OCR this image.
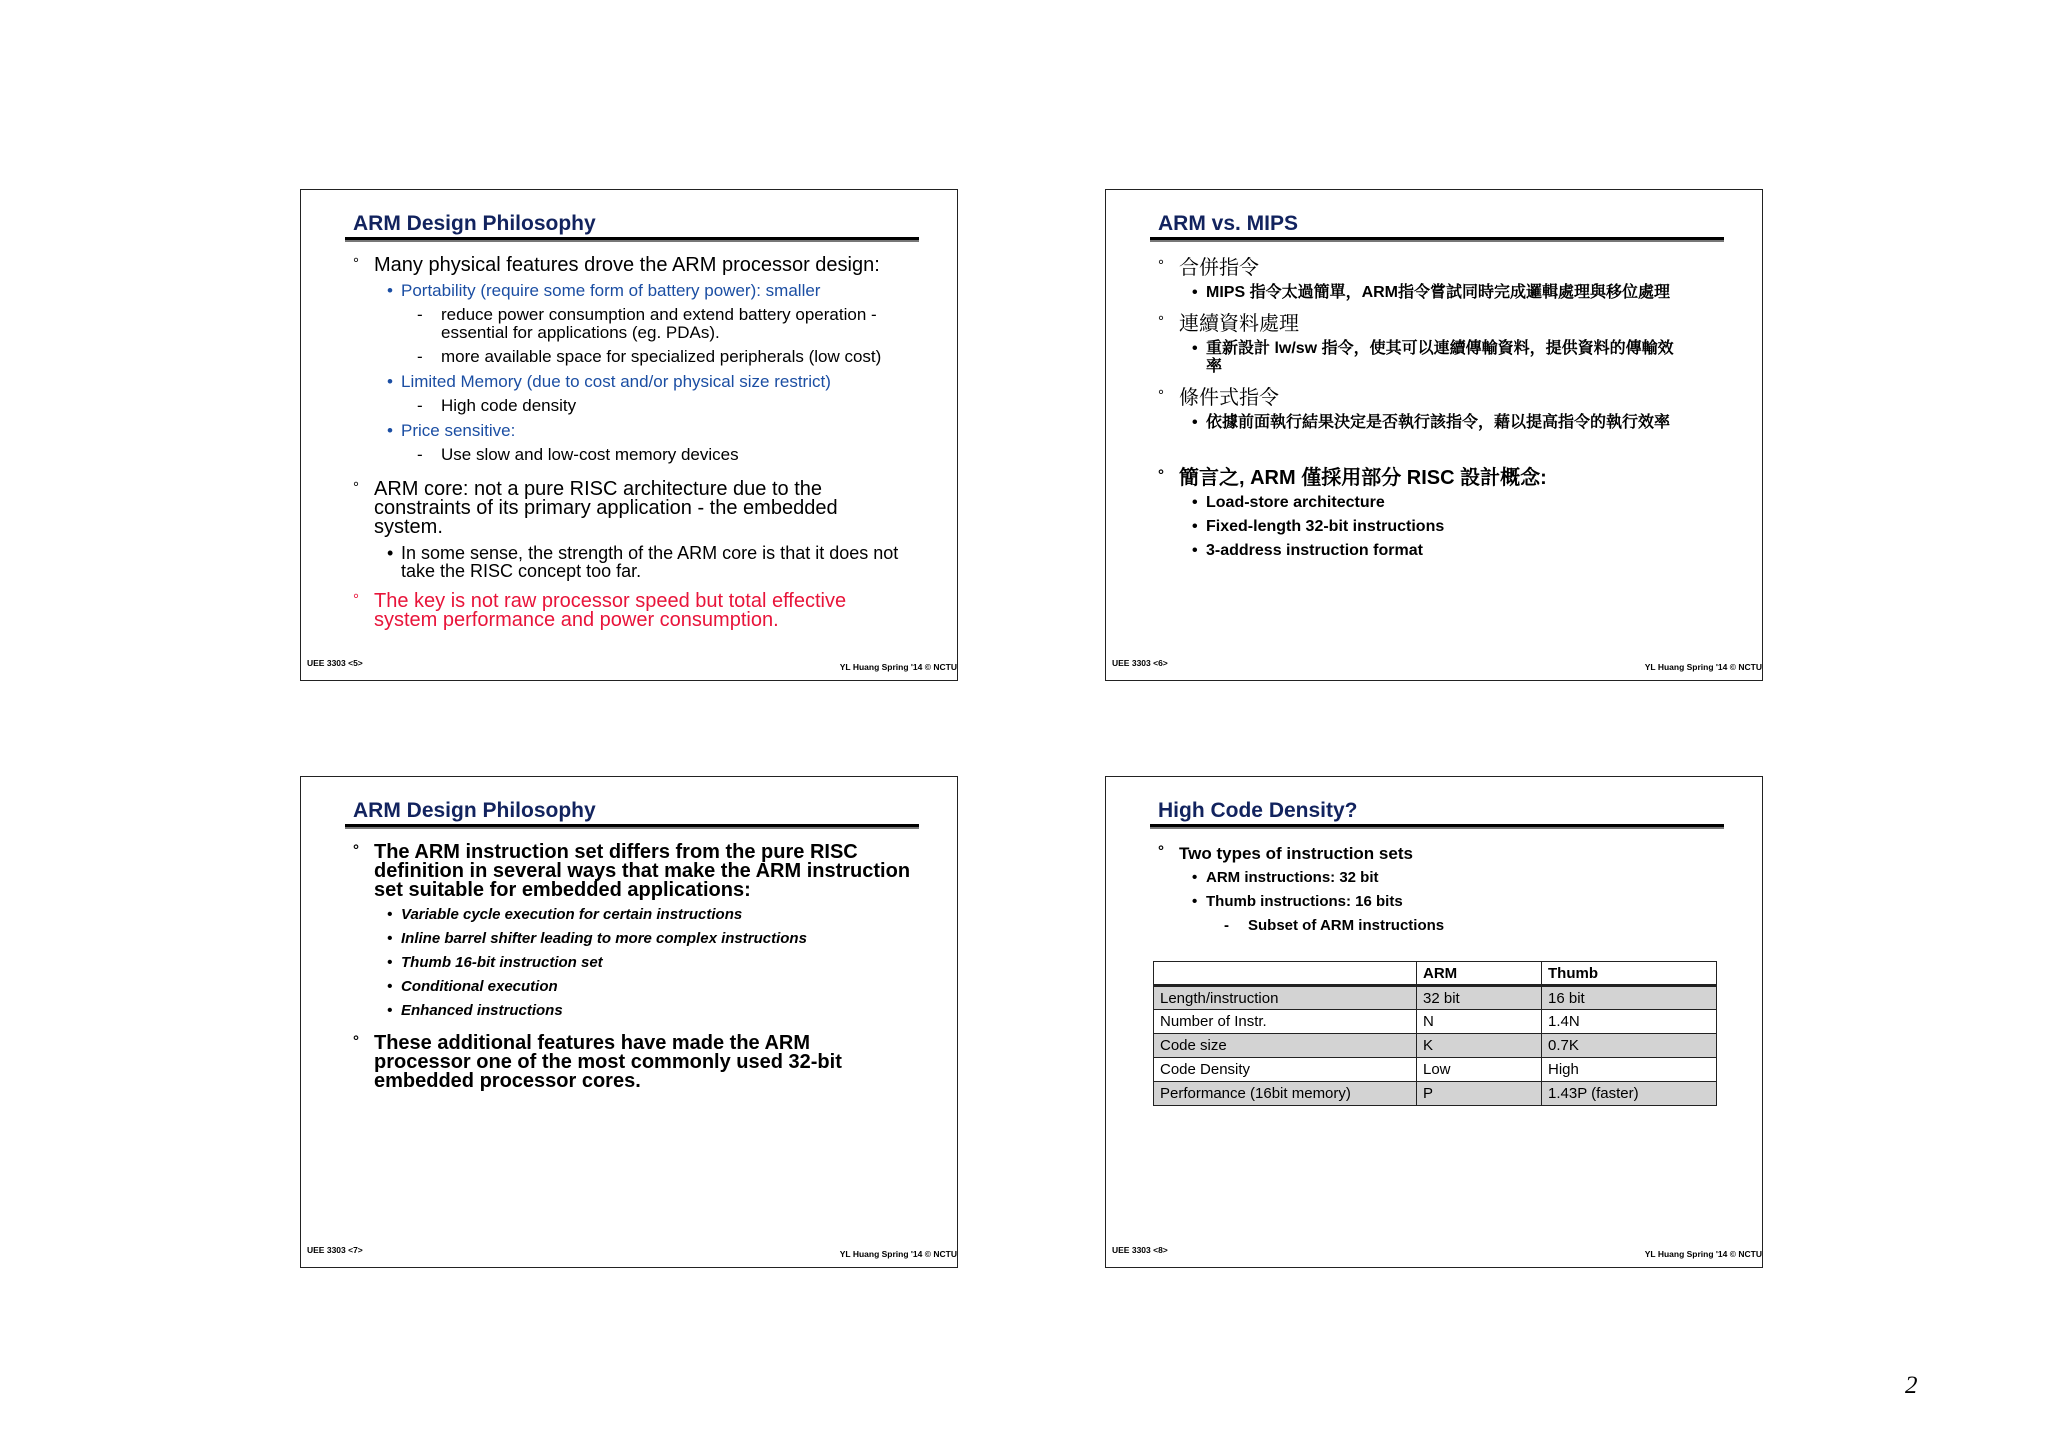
ARM Design Philosophy
° Many physical features drove the ARM processor design:
• Portability (require some form of battery power): smaller
- reduce power consumption and extend battery operation -essential for applications (eg. PDAs).
- more available space for specialized peripherals (low cost)
• Limited Memory (due to cost and/or physical size restrict)
- High code density
• Price sensitive:
- Use slow and low-cost memory devices
° ARM core: not a pure RISC architecture due to the constraints of its primary application - the embedded system.
• In some sense, the strength of the ARM core is that it does not take the RISC concept too far.
° The key is not raw processor speed but total effective system performance and power consumption.
UEE 3303 <5>	YL Huang Spring '14 © NCTU
ARM vs. MIPS
° 合併指令
• MIPS 指令太過簡單，ARM指令嘗試同時完成邏輯處理與移位處理
° 連續資料處理
• 重新設計 lw/sw 指令，使其可以連續傳輸資料，提供資料的傳輸效率
° 條件式指令
• 依據前面執行結果決定是否執行該指令，藉以提高指令的執行效率
° 簡言之, ARM 僅採用部分 RISC 設計概念:
• Load-store architecture
• Fixed-length 32-bit instructions
• 3-address instruction format
UEE 3303 <6>	YL Huang Spring '14 © NCTU
ARM Design Philosophy
° The ARM instruction set differs from the pure RISC definition in several ways that make the ARM instruction set suitable for embedded applications:
• Variable cycle execution for certain instructions
• Inline barrel shifter leading to more complex instructions
• Thumb 16-bit instruction set
• Conditional execution
• Enhanced instructions
° These additional features have made the ARM processor one of the most commonly used 32-bit embedded processor cores.
UEE 3303 <7>	YL Huang Spring '14 © NCTU
High Code Density?
° Two types of instruction sets
• ARM instructions: 32 bit
• Thumb instructions: 16 bits
- Subset of ARM instructions
	ARM	Thumb
Length/instruction	32 bit	16 bit
Number of Instr.	N	1.4N
Code size	K	0.7K
Code Density	Low	High
Performance (16bit memory)	P	1.43P (faster)
UEE 3303 <8>	YL Huang Spring '14 © NCTU
2
